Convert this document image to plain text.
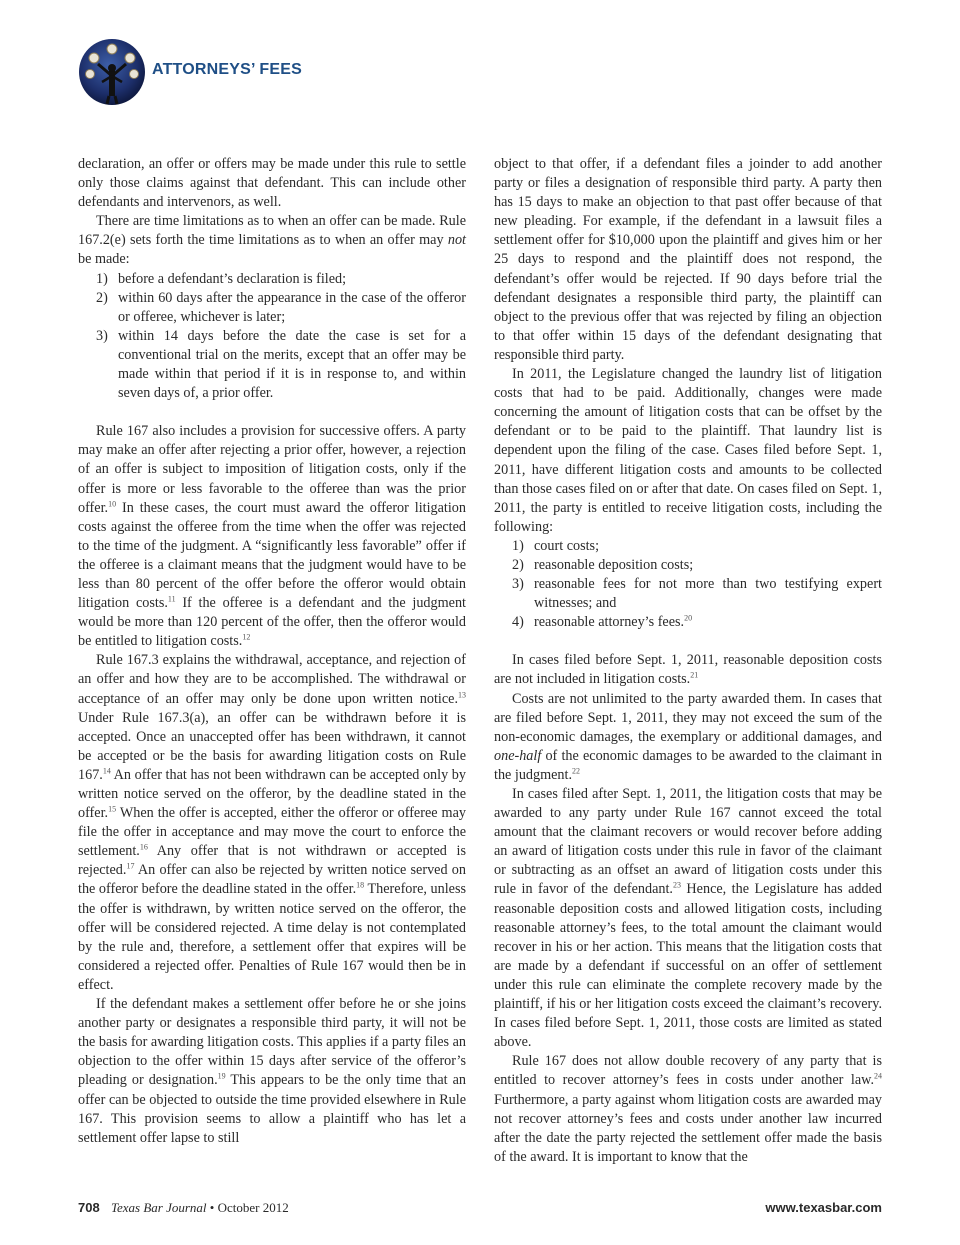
ATTORNEYS’ FEES

declaration, an offer or offers may be made under this rule to settle only those claims against that defendant. This can include other defendants and intervenors, as well.

There are time limitations as to when an offer can be made. Rule 167.2(e) sets forth the time limitations as to when an offer may not be made:

1) before a defendant’s declaration is filed;
2) within 60 days after the appearance in the case of the offeror or offeree, whichever is later;
3) within 14 days before the date the case is set for a conventional trial on the merits, except that an offer may be made within that period if it is in response to, and within seven days of, a prior offer.

Rule 167 also includes a provision for successive offers. A party may make an offer after rejecting a prior offer, however, a rejection of an offer is subject to imposition of litigation costs, only if the offer is more or less favorable to the offeree than was the prior offer.$^{10}$ In these cases, the court must award the offeror litigation costs against the offeree from the time when the offer was rejected to the time of the judgment. A “significantly less favorable” offer if the offeree is a claimant means that the judgment would have to be less than 80 percent of the offer before the offeror would obtain litigation costs.$^{11}$ If the offeree is a defendant and the judgment would be more than 120 percent of the offer, then the offeror would be entitled to litigation costs.$^{12}$

Rule 167.3 explains the withdrawal, acceptance, and rejection of an offer and how they are to be accomplished. The withdrawal or acceptance of an offer may only be done upon written notice.$^{13}$ Under Rule 167.3(a), an offer can be withdrawn before it is accepted. Once an unaccepted offer has been withdrawn, it cannot be accepted or be the basis for awarding litigation costs on Rule 167.14 An offer that has not been withdrawn can be accepted only by written notice served on the offeror, by the deadline stated in the offer.$^{15}$ When the offer is accepted, either the offeror or offeree may file the offer in acceptance and may move the court to enforce the settlement.$^{16}$ Any offer that is not withdrawn or accepted is rejected.$^{17}$ An offer can also be rejected by written notice served on the offeror before the deadline stated in the offer.$^{18}$ Therefore, unless the offer is withdrawn, by written notice served on the offeror, the offer will be considered rejected. A time delay is not contemplated by the rule and, therefore, a settlement offer that expires will be considered a rejected offer. Penalties of Rule 167 would then be in effect.

If the defendant makes a settlement offer before he or she joins another party or designates a responsible third party, it will not be the basis for awarding litigation costs. This applies if a party files an objection to the offer within 15 days after service of the offeror’s pleading or designation.$^{19}$ This appears to be the only time that an offer can be objected to outside the time provided elsewhere in Rule 167. This provision seems to allow a plaintiff who has let a settlement offer lapse to still

object to that offer, if a defendant files a joinder to add another party or files a designation of responsible third party. A party then has 15 days to make an objection to that past offer because of that new pleading. For example, if the defendant in a lawsuit files a settlement offer for $10,000 upon the plaintiff and gives him or her 25 days to respond and the plaintiff does not respond, the defendant’s offer would be rejected. If 90 days before trial the defendant designates a responsible third party, the plaintiff can object to the previous offer that was rejected by filing an objection to that offer within 15 days of the defendant designating that responsible third party.

In 2011, the Legislature changed the laundry list of litigation costs that had to be paid. Additionally, changes were made concerning the amount of litigation costs that can be offset by the defendant or to be paid to the plaintiff. That laundry list is dependent upon the filing of the case. Cases filed before Sept. 1, 2011, have different litigation costs and amounts to be collected than those cases filed on or after that date. On cases filed on Sept. 1, 2011, the party is entitled to receive litigation costs, including the following:

1) court costs;
2) reasonable deposition costs;
3) reasonable fees for not more than two testifying expert witnesses; and
4) reasonable attorney’s fees.$^{20}$

In cases filed before Sept. 1, 2011, reasonable deposition costs are not included in litigation costs.$^{21}$

Costs are not unlimited to the party awarded them. In cases that are filed before Sept. 1, 2011, they may not exceed the sum of the non-economic damages, the exemplary or additional damages, and one-half of the economic damages to be awarded to the claimant in the judgment.$^{22}$

In cases filed after Sept. 1, 2011, the litigation costs that may be awarded to any party under Rule 167 cannot exceed the total amount that the claimant recovers or would recover before adding an award of litigation costs under this rule in favor of the claimant or subtracting as an offset an award of litigation costs under this rule in favor of the defendant.$^{23}$ Hence, the Legislature has added reasonable deposition costs and allowed litigation costs, including reasonable attorney’s fees, to the total amount the claimant would recover in his or her action. This means that the litigation costs that are made by a defendant if successful on an offer of settlement under this rule can eliminate the complete recovery made by the plaintiff, if his or her litigation costs exceed the claimant’s recovery. In cases filed before Sept. 1, 2011, those costs are limited as stated above.

Rule 167 does not allow double recovery of any party that is entitled to recover attorney’s fees in costs under another law.$^{24}$ Furthermore, a party against whom litigation costs are awarded may not recover attorney’s fees and costs under another law incurred after the date the party rejected the settlement offer made the basis of the award. It is important to know that the

708 Texas Bar Journal • October 2012	www.texasbar.com
